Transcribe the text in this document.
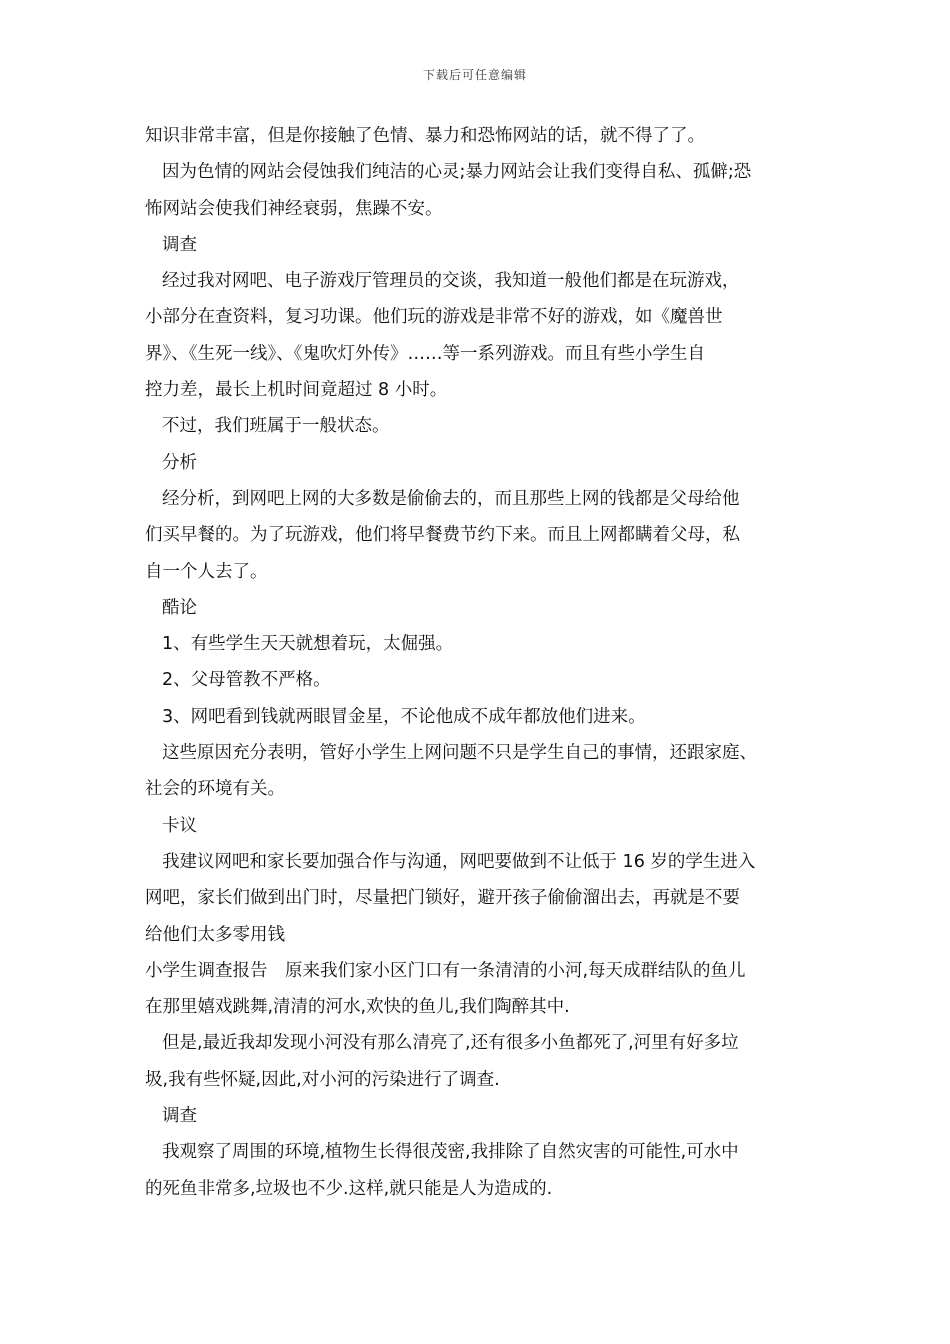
下载后可任意编辑
知识非常丰富，但是你接触了色情、暴力和恐怖网站的话，就不得了了。
因为色情的网站会侵蚀我们纯洁的心灵;暴力网站会让我们变得自私、孤僻;恐
怖网站会使我们神经衰弱，焦躁不安。
调查
经过我对网吧、电子游戏厅管理员的交谈，我知道一般他们都是在玩游戏，
小部分在查资料，复习功课。他们玩的游戏是非常不好的游戏，如《魔兽世
界》、《生死一线》、《鬼吹灯外传》……等一系列游戏。而且有些小学生自
控力差，最长上机时间竟超过 8 小时。
不过，我们班属于一般状态。
分析
经分析，到网吧上网的大多数是偷偷去的，而且那些上网的钱都是父母给他
们买早餐的。为了玩游戏，他们将早餐费节约下来。而且上网都瞒着父母，私
自一个人去了。
酷论
1、有些学生天天就想着玩，太倔强。
2、父母管教不严格。
3、网吧看到钱就两眼冒金星，不论他成不成年都放他们进来。
这些原因充分表明，管好小学生上网问题不只是学生自己的事情，还跟家庭、
社会的环境有关。
卡议
我建议网吧和家长要加强合作与沟通，网吧要做到不让低于 16 岁的学生进入
网吧，家长们做到出门时，尽量把门锁好，避开孩子偷偷溜出去，再就是不要
给他们太多零用钱
小学生调查报告　原来我们家小区门口有一条清清的小河,每天成群结队的鱼儿
在那里嬉戏跳舞,清清的河水,欢快的鱼儿,我们陶醉其中.
但是,最近我却发现小河没有那么清亮了,还有很多小鱼都死了,河里有好多垃
圾,我有些怀疑,因此,对小河的污染进行了调查.
调查
我观察了周围的环境,植物生长得很茂密,我排除了自然灾害的可能性,可水中
的死鱼非常多,垃圾也不少.这样,就只能是人为造成的.
